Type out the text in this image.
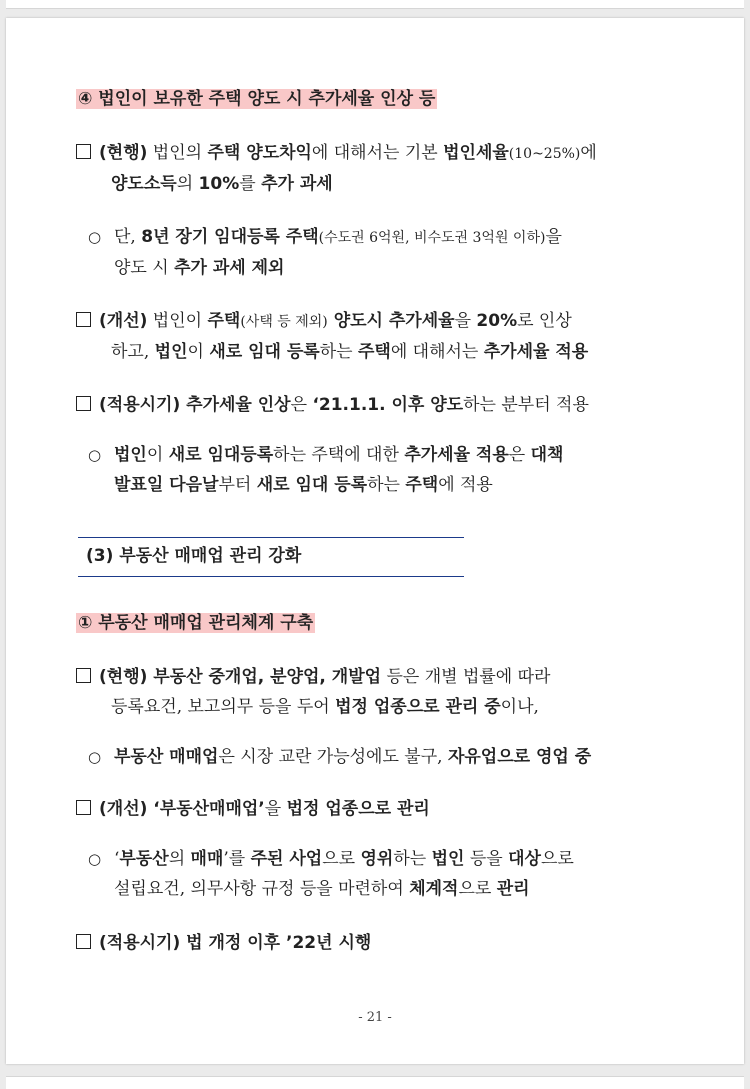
④ 법인이 보유한 주택 양도 시 추가세율 인상 등
(현행) 법인의 주택 양도차익에 대해서는 기본 법인세율(10~25%)에
양도소득의 10%를 추가 과세
○ 단, 8년 장기 임대등록 주택(수도권 6억원, 비수도권 3억원 이하)을
양도 시 추가 과세 제외
(개선) 법인이 주택(사택 등 제외) 양도시 추가세율을 20%로 인상
하고, 법인이 새로 임대 등록하는 주택에 대해서는 추가세율 적용
(적용시기) 추가세율 인상은 ‘21.1.1. 이후 양도하는 분부터 적용
○ 법인이 새로 임대등록하는 주택에 대한 추가세율 적용은 대책
발표일 다음날부터 새로 임대 등록하는 주택에 적용
(3) 부동산 매매업 관리 강화
① 부동산 매매업 관리체계 구축
(현행) 부동산 중개업, 분양업, 개발업 등은 개별 법률에 따라
등록요건, 보고의무 등을 두어 법정 업종으로 관리 중이나,
○ 부동산 매매업은 시장 교란 가능성에도 불구, 자유업으로 영업 중
(개선) ‘부동산매매업’을 법정 업종으로 관리
○ ‘부동산의 매매’를 주된 사업으로 영위하는 법인 등을 대상으로
설립요건, 의무사항 규정 등을 마련하여 체계적으로 관리
(적용시기) 법 개정 이후 ’22년 시행
- 21 -
